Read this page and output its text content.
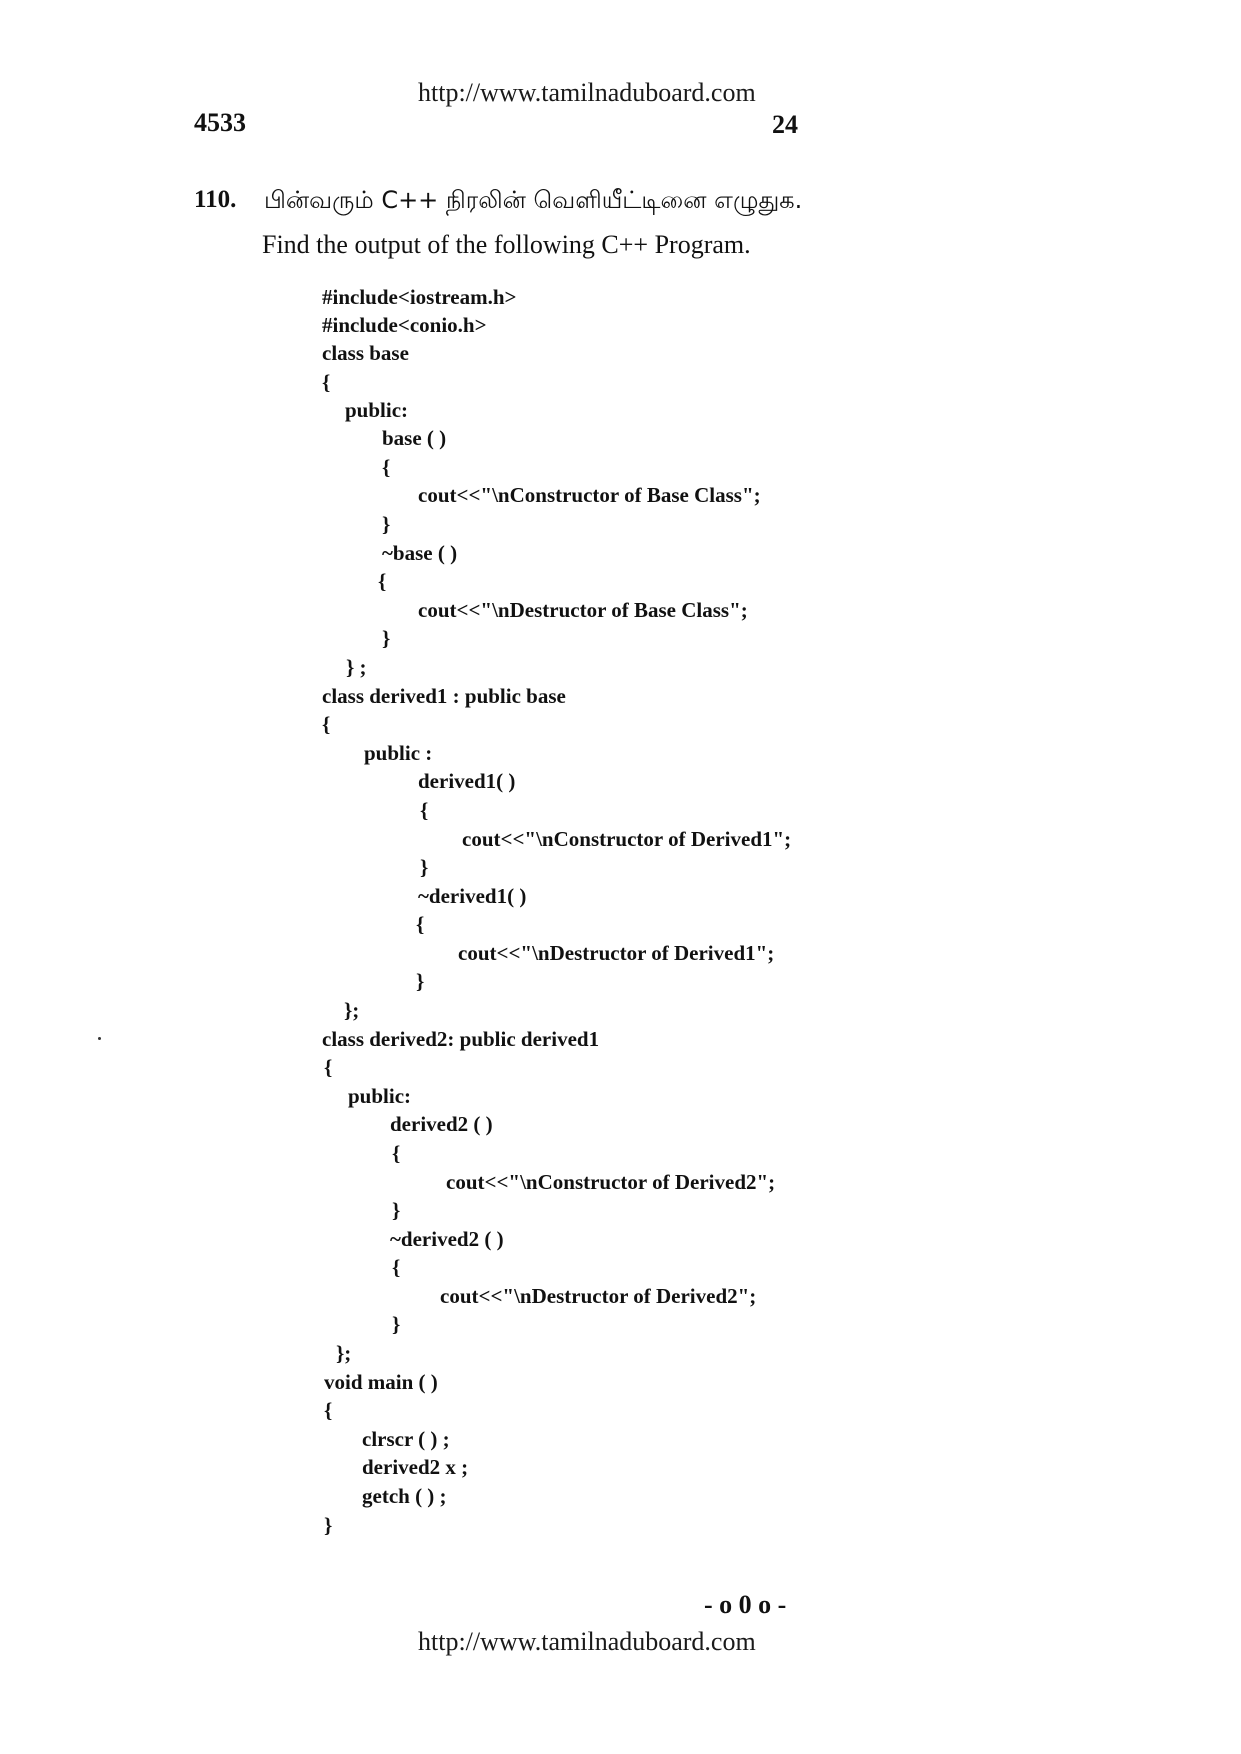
http://www.tamilnaduboard.com
4533	24
110. பின்வரும் C++ நிரலின் வெளியீட்டினை எழுதுக.
Find the output of the following C++ Program.
#include<iostream.h>
#include<conio.h>
class base
{
public:
base ( )
{
cout<<"\nConstructor of Base Class";
}
~base ( )
{
cout<<"\nDestructor of Base Class";
}
} ;
class derived1 : public base
{
public :
derived1( )
{
cout<<"\nConstructor of Derived1";
}
~derived1( )
{
cout<<"\nDestructor of Derived1";
}
};
class derived2: public derived1
{
public:
derived2 ( )
{
cout<<"\nConstructor of Derived2";
}
~derived2 ( )
{
cout<<"\nDestructor of Derived2";
}
};
void main ( )
{
clrscr ( ) ;
derived2 x ;
getch ( ) ;
}
- o 0 o -
http://www.tamilnaduboard.com
